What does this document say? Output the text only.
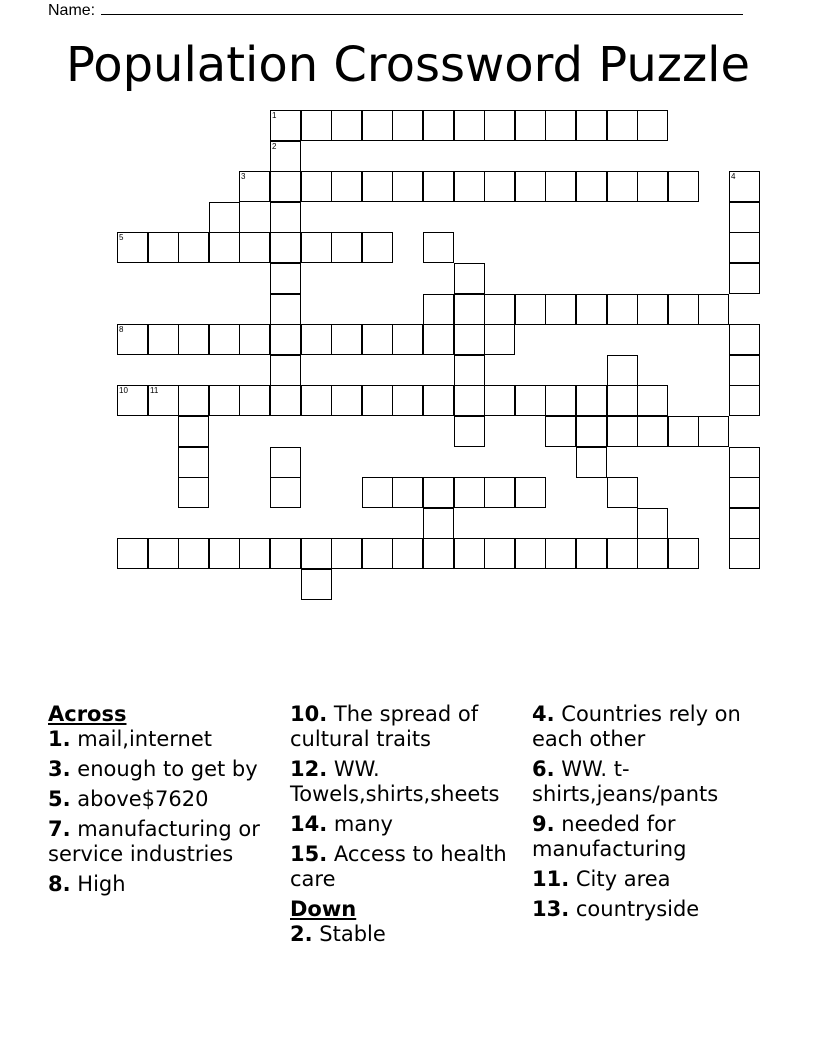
Name:
Population Crossword Puzzle
1
2
3	4
5
8
10	11
Across
1. mail,internet
3. enough to get by
5. above$7620
7. manufacturing or service industries
8. High
10. The spread of cultural traits
12. WW. Towels,shirts,sheets
14. many
15. Access to health care
Down
2. Stable
4. Countries rely on each other
6. WW. t-shirts,jeans/pants
9. needed for manufacturing
11. City area
13. countryside
